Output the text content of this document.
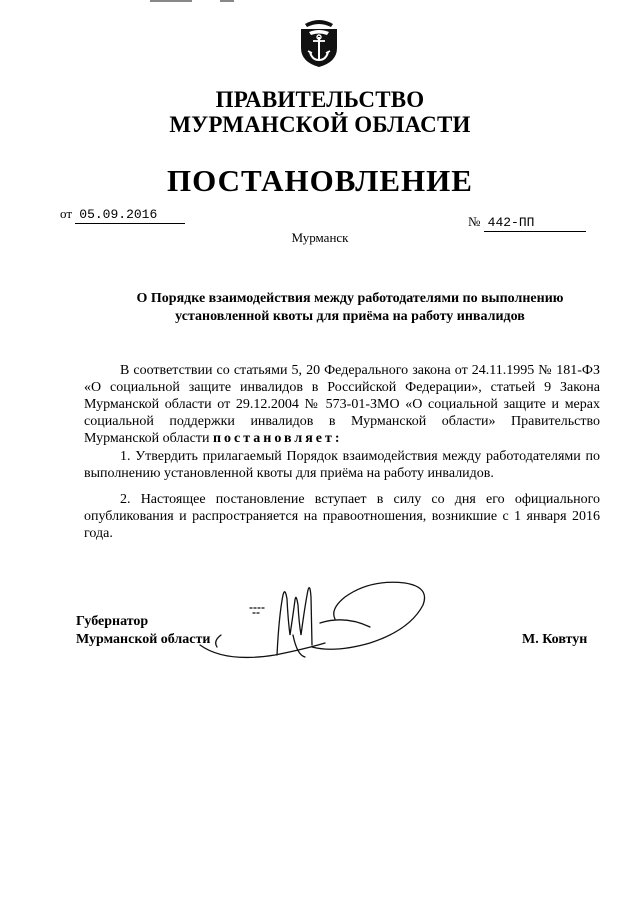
ПРАВИТЕЛЬСТВО
МУРМАНСКОЙ ОБЛАСТИ
ПОСТАНОВЛЕНИЕ
от 05.09.2016	№ 442-ПП
Мурманск
О Порядке взаимодействия между работодателями по выполнению
установленной квоты для приёма на работу инвалидов

В соответствии со статьями 5, 20 Федерального закона от 24.11.1995 № 181-ФЗ «О социальной защите инвалидов в Российской Федерации», статьей 9 Закона Мурманской области от 29.12.2004 № 573-01-ЗМО «О социальной защите и мерах социальной поддержки инвалидов в Мурманской области» Правительство Мурманской области постановляет:

1. Утвердить прилагаемый Порядок взаимодействия между работодателями по выполнению установленной квоты для приёма на работу инвалидов.

2. Настоящее постановление вступает в силу со дня его официального опубликования и распространяется на правоотношения, возникшие с 1 января 2016 года.

Губернатор
Мурманской области	М. Ковтун
